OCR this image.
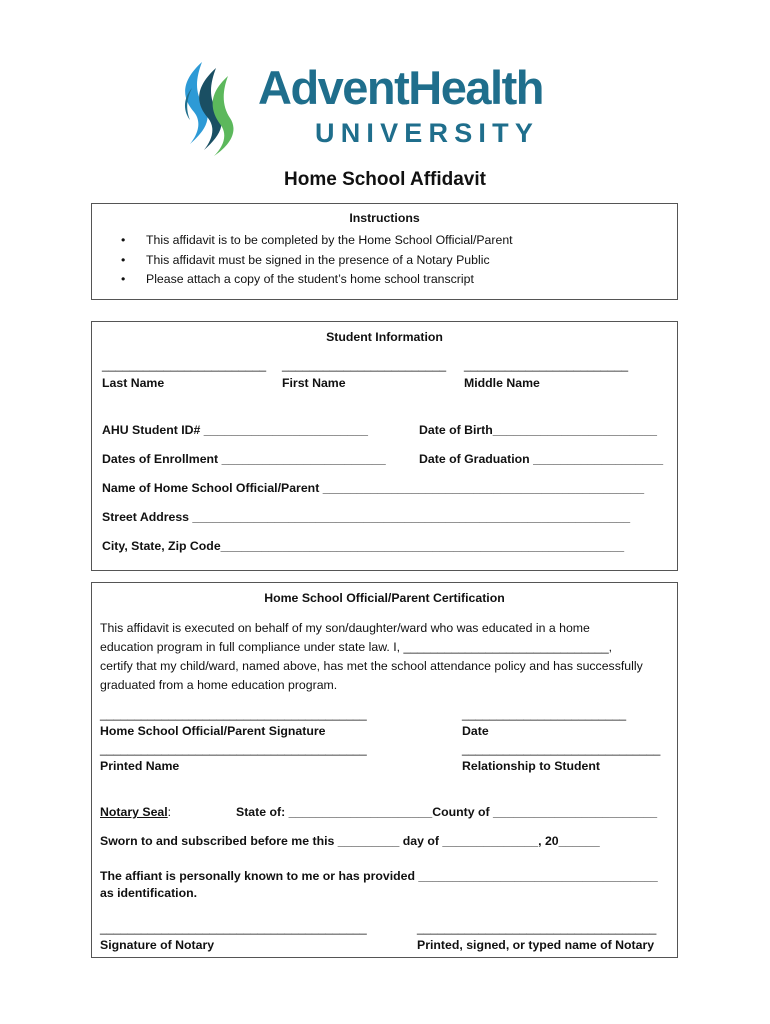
AdventHealth
UNIVERSITY
Home School Affidavit
Instructions
• This affidavit is to be completed by the Home School Official/Parent
• This affidavit must be signed in the presence of a Notary Public
• Please attach a copy of the student’s home school transcript
Student Information
________________________ ________________________ ________________________
Last Name	First Name	Middle Name
AHU Student ID# ________________________	Date of Birth________________________
Dates of Enrollment ________________________	Date of Graduation ___________________
Name of Home School Official/Parent _______________________________________________
Street Address ________________________________________________________________
City, State, Zip Code___________________________________________________________
Home School Official/Parent Certification
This affidavit is executed on behalf of my son/daughter/ward who was educated in a home
education program in full compliance under state law. I, ______________________________,
certify that my child/ward, named above, has met the school attendance policy and has successfully
graduated from a home education program.
_______________________________________	________________________
Home School Official/Parent Signature	Date
_______________________________________	_____________________________
Printed Name	Relationship to Student
Notary Seal:	State of: _____________________County of ________________________
Sworn to and subscribed before me this _________ day of ______________, 20______
The affiant is personally known to me or has provided ___________________________________
as identification.
_______________________________________	___________________________________
Signature of Notary	Printed, signed, or typed name of Notary
